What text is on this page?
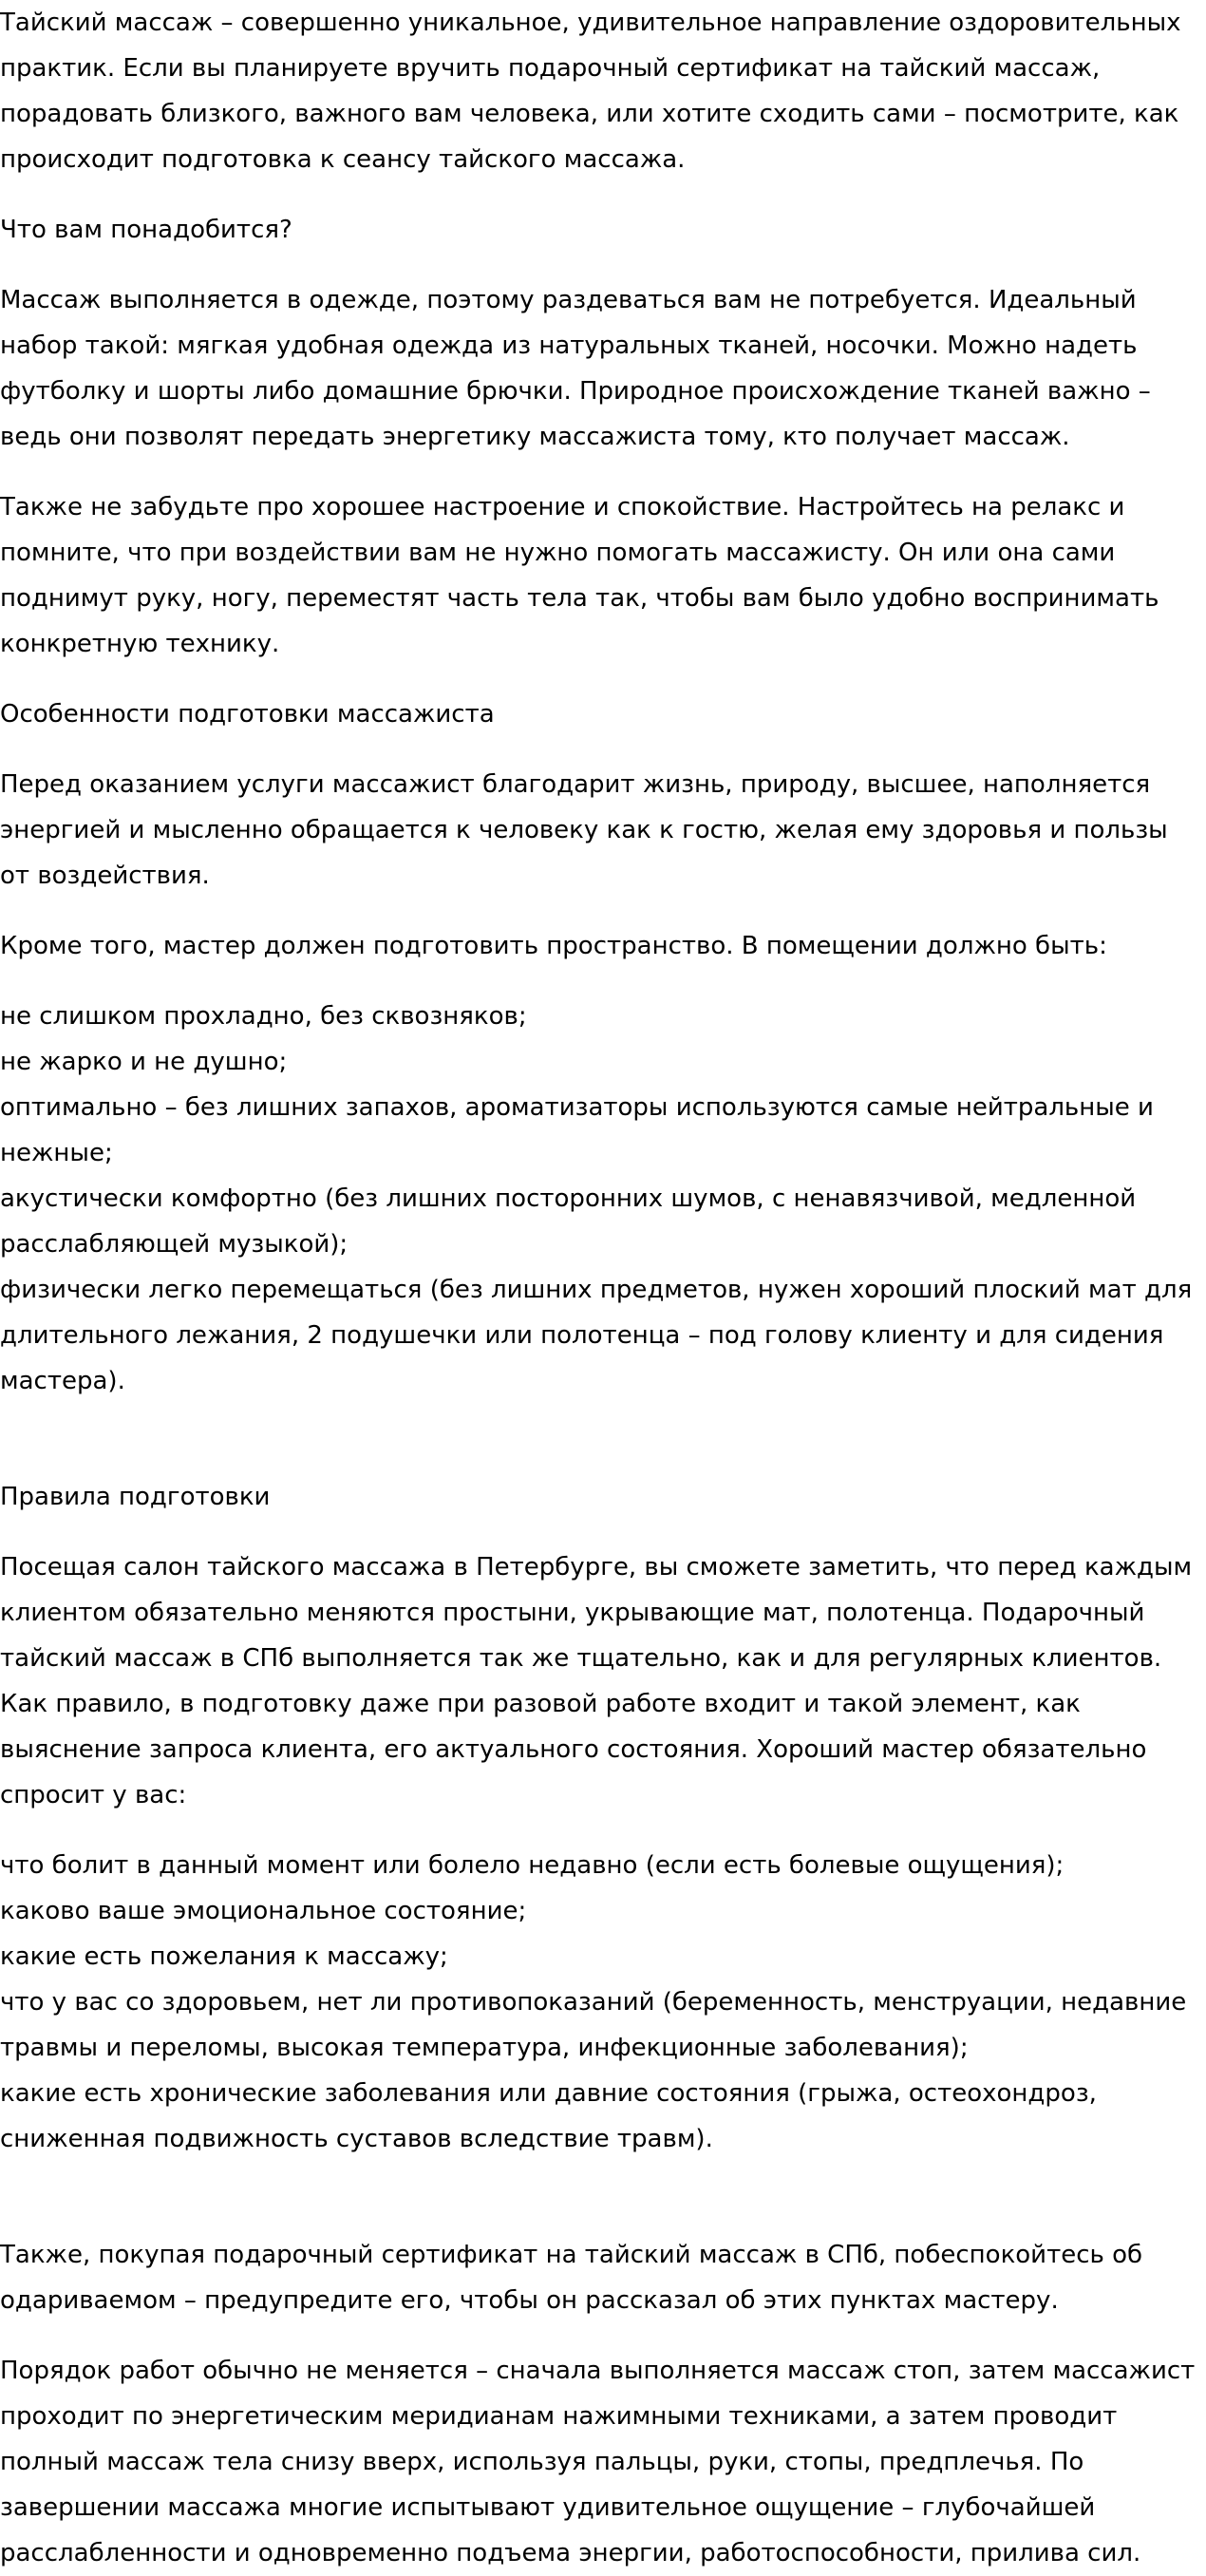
Тайский массаж – совершенно уникальное, удивительное направление оздоровительных практик. Если вы планируете вручить подарочный сертификат на тайский массаж, порадовать близкого, важного вам человека, или хотите сходить сами – посмотрите, как происходит подготовка к сеансу тайского массажа.

Что вам понадобится?

Массаж выполняется в одежде, поэтому раздеваться вам не потребуется. Идеальный набор такой: мягкая удобная одежда из натуральных тканей, носочки. Можно надеть футболку и шорты либо домашние брючки. Природное происхождение тканей важно – ведь они позволят передать энергетику массажиста тому, кто получает массаж.

Также не забудьте про хорошее настроение и спокойствие. Настройтесь на релакс и помните, что при воздействии вам не нужно помогать массажисту. Он или она сами поднимут руку, ногу, переместят часть тела так, чтобы вам было удобно воспринимать конкретную технику.

Особенности подготовки массажиста

Перед оказанием услуги массажист благодарит жизнь, природу, высшее, наполняется энергией и мысленно обращается к человеку как к гостю, желая ему здоровья и пользы от воздействия.

Кроме того, мастер должен подготовить пространство. В помещении должно быть:

не слишком прохладно, без сквозняков;

не жарко и не душно;

оптимально – без лишних запахов, ароматизаторы используются самые нейтральные и нежные;

акустически комфортно (без лишних посторонних шумов, с ненавязчивой, медленной расслабляющей музыкой);

физически легко перемещаться (без лишних предметов, нужен хороший плоский мат для длительного лежания, 2 подушечки или полотенца – под голову клиенту и для сидения мастера).

Правила подготовки

Посещая салон тайского массажа в Петербурге, вы сможете заметить, что перед каждым клиентом обязательно меняются простыни, укрывающие мат, полотенца. Подарочный тайский массаж в СПб выполняется так же тщательно, как и для регулярных клиентов. Как правило, в подготовку даже при разовой работе входит и такой элемент, как выяснение запроса клиента, его актуального состояния. Хороший мастер обязательно спросит у вас:

что болит в данный момент или болело недавно (если есть болевые ощущения);

каково ваше эмоциональное состояние;

какие есть пожелания к массажу;

что у вас со здоровьем, нет ли противопоказаний (беременность, менструации, недавние травмы и переломы, высокая температура, инфекционные заболевания);

какие есть хронические заболевания или давние состояния (грыжа, остеохондроз, сниженная подвижность суставов вследствие травм).

Также, покупая подарочный сертификат на тайский массаж в СПб, побеспокойтесь об одариваемом – предупредите его, чтобы он рассказал об этих пунктах мастеру.

Порядок работ обычно не меняется – сначала выполняется массаж стоп, затем массажист проходит по энергетическим меридианам нажимными техниками, а затем проводит полный массаж тела снизу вверх, используя пальцы, руки, стопы, предплечья. По завершении массажа многие испытывают удивительное ощущение – глубочайшей расслабленности и одновременно подъема энергии, работоспособности, прилива сил.
